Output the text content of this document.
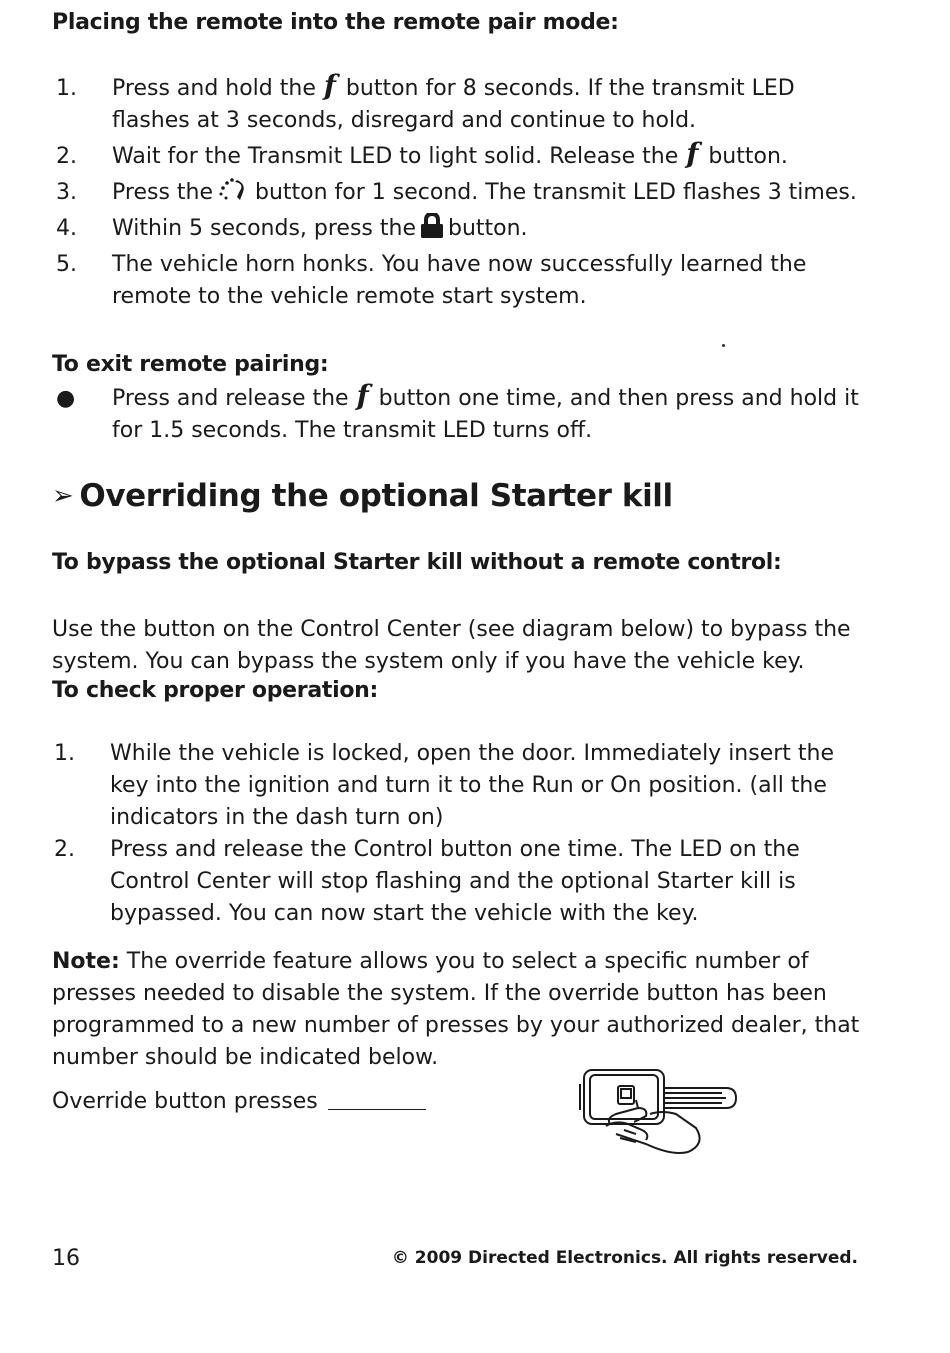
Placing the remote into the remote pair mode:
1. Press and hold the f button for 8 seconds. If the transmit LED flashes at 3 seconds, disregard and continue to hold.
2. Wait for the Transmit LED to light solid. Release the f button.
3. Press the button for 1 second. The transmit LED flashes 3 times.
4. Within 5 seconds, press the button.
5. The vehicle horn honks. You have now successfully learned the remote to the vehicle remote start system.
To exit remote pairing:
● Press and release the f button one time, and then press and hold it for 1.5 seconds. The transmit LED turns off.
➢ Overriding the optional Starter kill
To bypass the optional Starter kill without a remote control:

Use the button on the Control Center (see diagram below) to bypass the system. You can bypass the system only if you have the vehicle key.

To check proper operation:
1. While the vehicle is locked, open the door. Immediately insert the key into the ignition and turn it to the Run or On position. (all the indicators in the dash turn on)
2. Press and release the Control button one time. The LED on the Control Center will stop flashing and the optional Starter kill is bypassed. You can now start the vehicle with the key.

Note: The override feature allows you to select a specific number of presses needed to disable the system. If the override button has been programmed to a new number of presses by your authorized dealer, that number should be indicated below.

Override button presses
16	© 2009 Directed Electronics. All rights reserved.
